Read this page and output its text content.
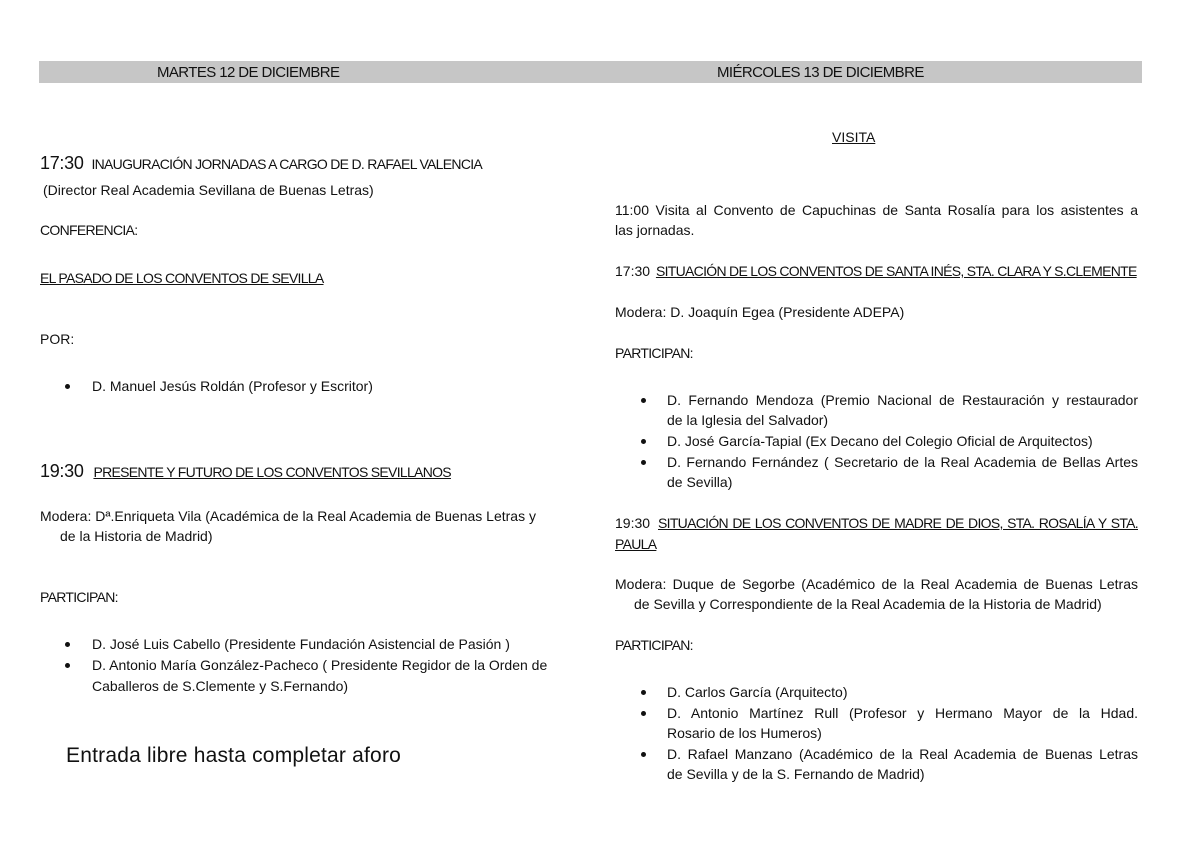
MARTES 12 DE DICIEMBRE	MIÉRCOLES 13 DE DICIEMBRE
17:30 INAUGURACIÓN JORNADAS A CARGO DE D. RAFAEL VALENCIA
(Director Real Academia Sevillana de Buenas Letras)
CONFERENCIA:
EL PASADO DE LOS CONVENTOS DE SEVILLA
POR:
D. Manuel Jesús Roldán (Profesor y Escritor)
19:30 PRESENTE Y FUTURO DE LOS CONVENTOS SEVILLANOS
Modera: Dª.Enriqueta Vila (Académica de la Real Academia de Buenas Letras y
de la Historia de Madrid)
PARTICIPAN:
D. José Luis Cabello (Presidente Fundación Asistencial de Pasión )
D. Antonio María González-Pacheco ( Presidente Regidor de la Orden de
Caballeros de S.Clemente y S.Fernando)
Entrada libre hasta completar aforo
VISITA
11:00 Visita al Convento de Capuchinas de Santa Rosalía para los asistentes a
las jornadas.
17:30 SITUACIÓN DE LOS CONVENTOS DE SANTA INÉS, STA. CLARA Y S.CLEMENTE
Modera: D. Joaquín Egea (Presidente ADEPA)
PARTICIPAN:
D. Fernando Mendoza (Premio Nacional de Restauración y restaurador
de la Iglesia del Salvador)
D. José García-Tapial (Ex Decano del Colegio Oficial de Arquitectos)
D. Fernando Fernández ( Secretario de la Real Academia de Bellas Artes
de Sevilla)
19:30 SITUACIÓN DE LOS CONVENTOS DE MADRE DE DIOS, STA. ROSALÍA Y STA.
PAULA
Modera: Duque de Segorbe (Académico de la Real Academia de Buenas Letras
de Sevilla y Correspondiente de la Real Academia de la Historia de Madrid)
PARTICIPAN:
D. Carlos García (Arquitecto)
D. Antonio Martínez Rull (Profesor y Hermano Mayor de la Hdad.
Rosario de los Humeros)
D. Rafael Manzano (Académico de la Real Academia de Buenas Letras
de Sevilla y de la S. Fernando de Madrid)
